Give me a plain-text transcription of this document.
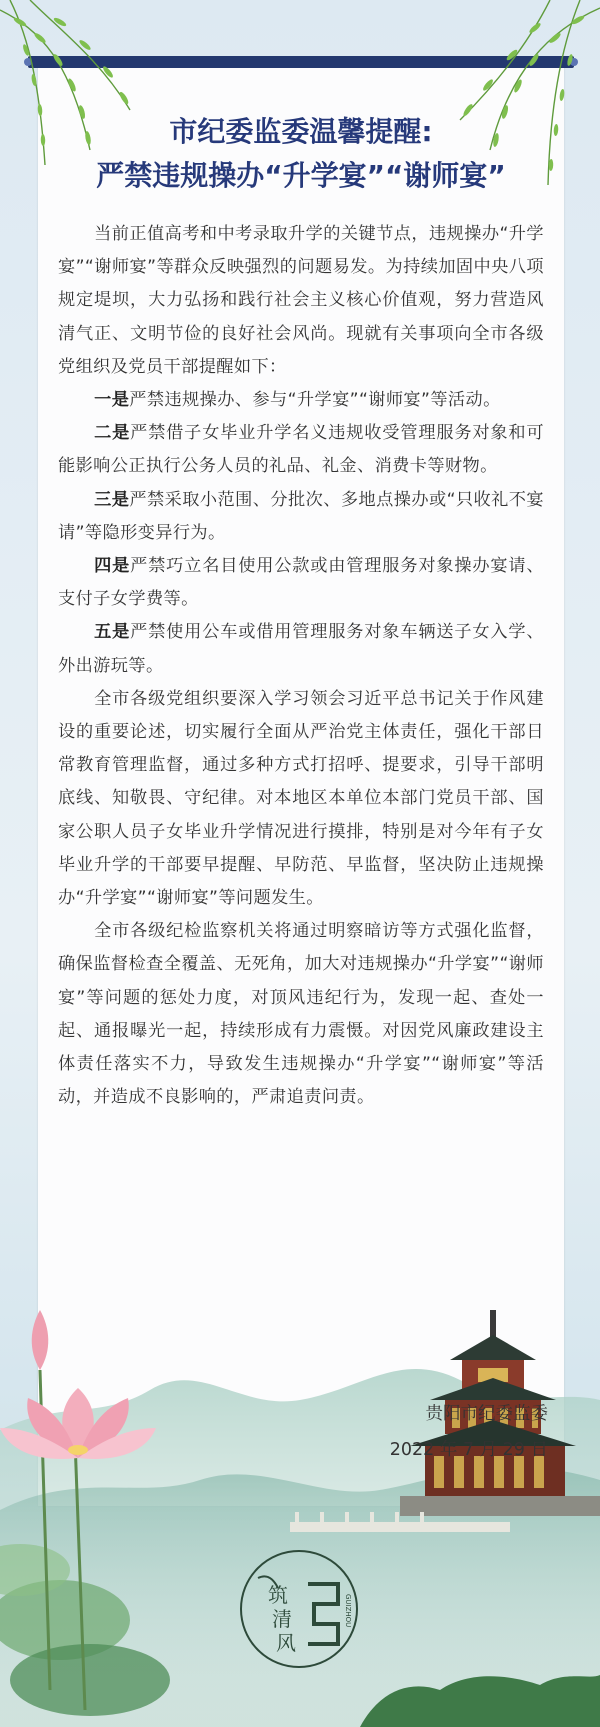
市纪委监委温馨提醒:
严禁违规操办“升学宴”“谢师宴”

当前正值高考和中考录取升学的关键节点，违规操办“升学宴”“谢师宴”等群众反映强烈的问题易发。为持续加固中央八项规定堤坝，大力弘扬和践行社会主义核心价值观，努力营造风清气正、文明节俭的良好社会风尚。现就有关事项向全市各级党组织及党员干部提醒如下：

一是严禁违规操办、参与“升学宴”“谢师宴”等活动。

二是严禁借子女毕业升学名义违规收受管理服务对象和可能影响公正执行公务人员的礼品、礼金、消费卡等财物。

三是严禁采取小范围、分批次、多地点操办或“只收礼不宴请”等隐形变异行为。

四是严禁巧立名目使用公款或由管理服务对象操办宴请、支付子女学费等。

五是严禁使用公车或借用管理服务对象车辆送子女入学、外出游玩等。

全市各级党组织要深入学习领会习近平总书记关于作风建设的重要论述，切实履行全面从严治党主体责任，强化干部日常教育管理监督，通过多种方式打招呼、提要求，引导干部明底线、知敬畏、守纪律。对本地区本单位本部门党员干部、国家公职人员子女毕业升学情况进行摸排，特别是对今年有子女毕业升学的干部要早提醒、早防范、早监督，坚决防止违规操办“升学宴”“谢师宴”等问题发生。

全市各级纪检监察机关将通过明察暗访等方式强化监督，确保监督检查全覆盖、无死角，加大对违规操办“升学宴”“谢师宴”等问题的惩处力度，对顶风违纪行为，发现一起、查处一起、通报曝光一起，持续形成有力震慑。对因党风廉政建设主体责任落实不力，导致发生违规操办“升学宴”“谢师宴”等活动，并造成不良影响的，严肃追责问责。

贵阳市纪委监委
2022 年 7 月 29 日
筑
清
风
GUIZHOU
